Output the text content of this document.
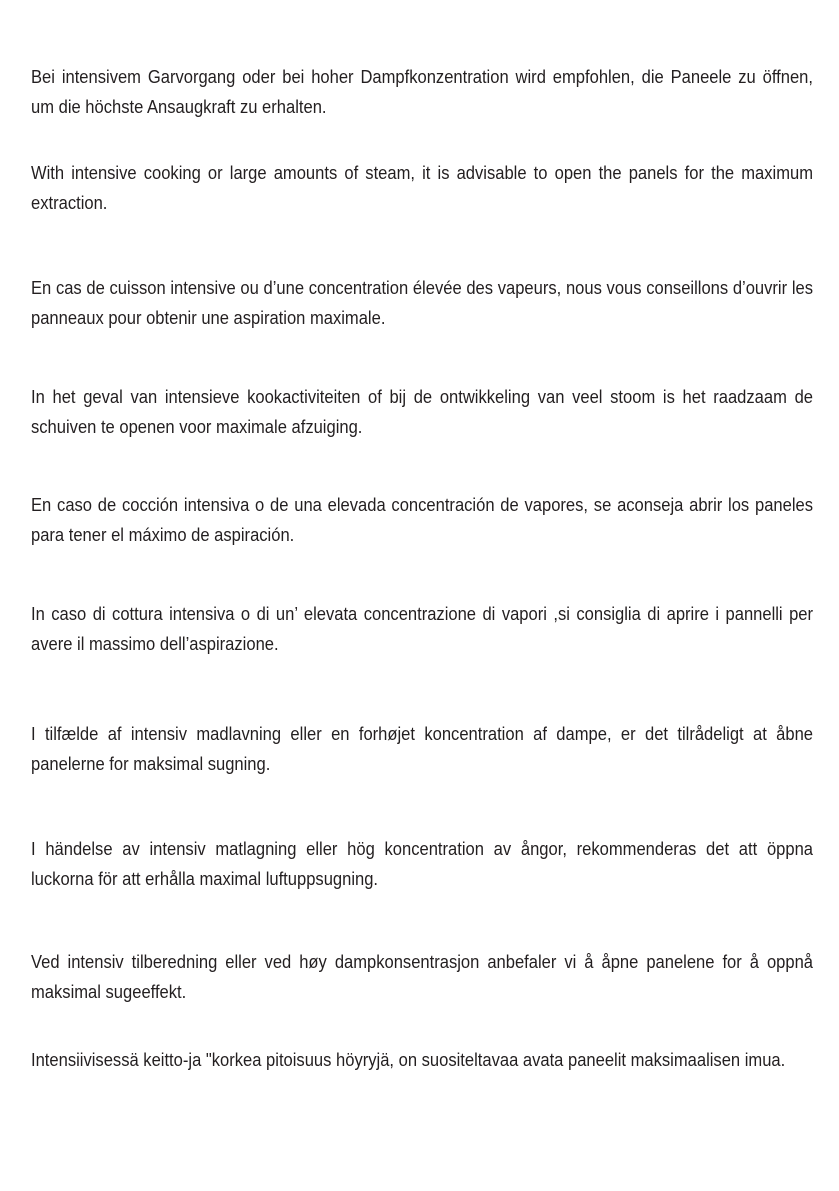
Bei intensivem Garvorgang oder bei hoher Dampfkonzentration wird empfohlen, die Paneele zu öffnen, um die höchste Ansaugkraft zu erhalten.

With intensive cooking or large amounts of steam, it is advisable to open the panels for the maximum extraction.

En cas de cuisson intensive ou d’une concentration élevée des vapeurs, nous vous conseillons d’ouvrir les panneaux pour obtenir une aspiration maximale.

In het geval van intensieve kookactiviteiten of bij de ontwikkeling van veel stoom is het raadzaam de schuiven te openen voor maximale afzuiging.

En caso de cocción intensiva o de una elevada concentración de vapores, se aconseja abrir los paneles para tener el máximo de aspiración.

In caso di cottura intensiva o di un’ elevata concentrazione di vapori ,si consiglia di aprire i pannelli per avere il massimo dell’aspirazione.

I tilfælde af intensiv madlavning eller en forhøjet koncentration af dampe, er det tilrådeligt at åbne panelerne for maksimal sugning.

I händelse av intensiv matlagning eller hög koncentration av ångor, rekommenderas det att öppna luckorna för att erhålla maximal luftuppsugning.

Ved intensiv tilberedning eller ved høy dampkonsentrasjon anbefaler vi å åpne panelene for å oppnå maksimal sugeeffekt.

Intensiivisessä keitto-ja "korkea pitoisuus höyryjä, on suositeltavaa avata paneelit maksimaalisen imua.
